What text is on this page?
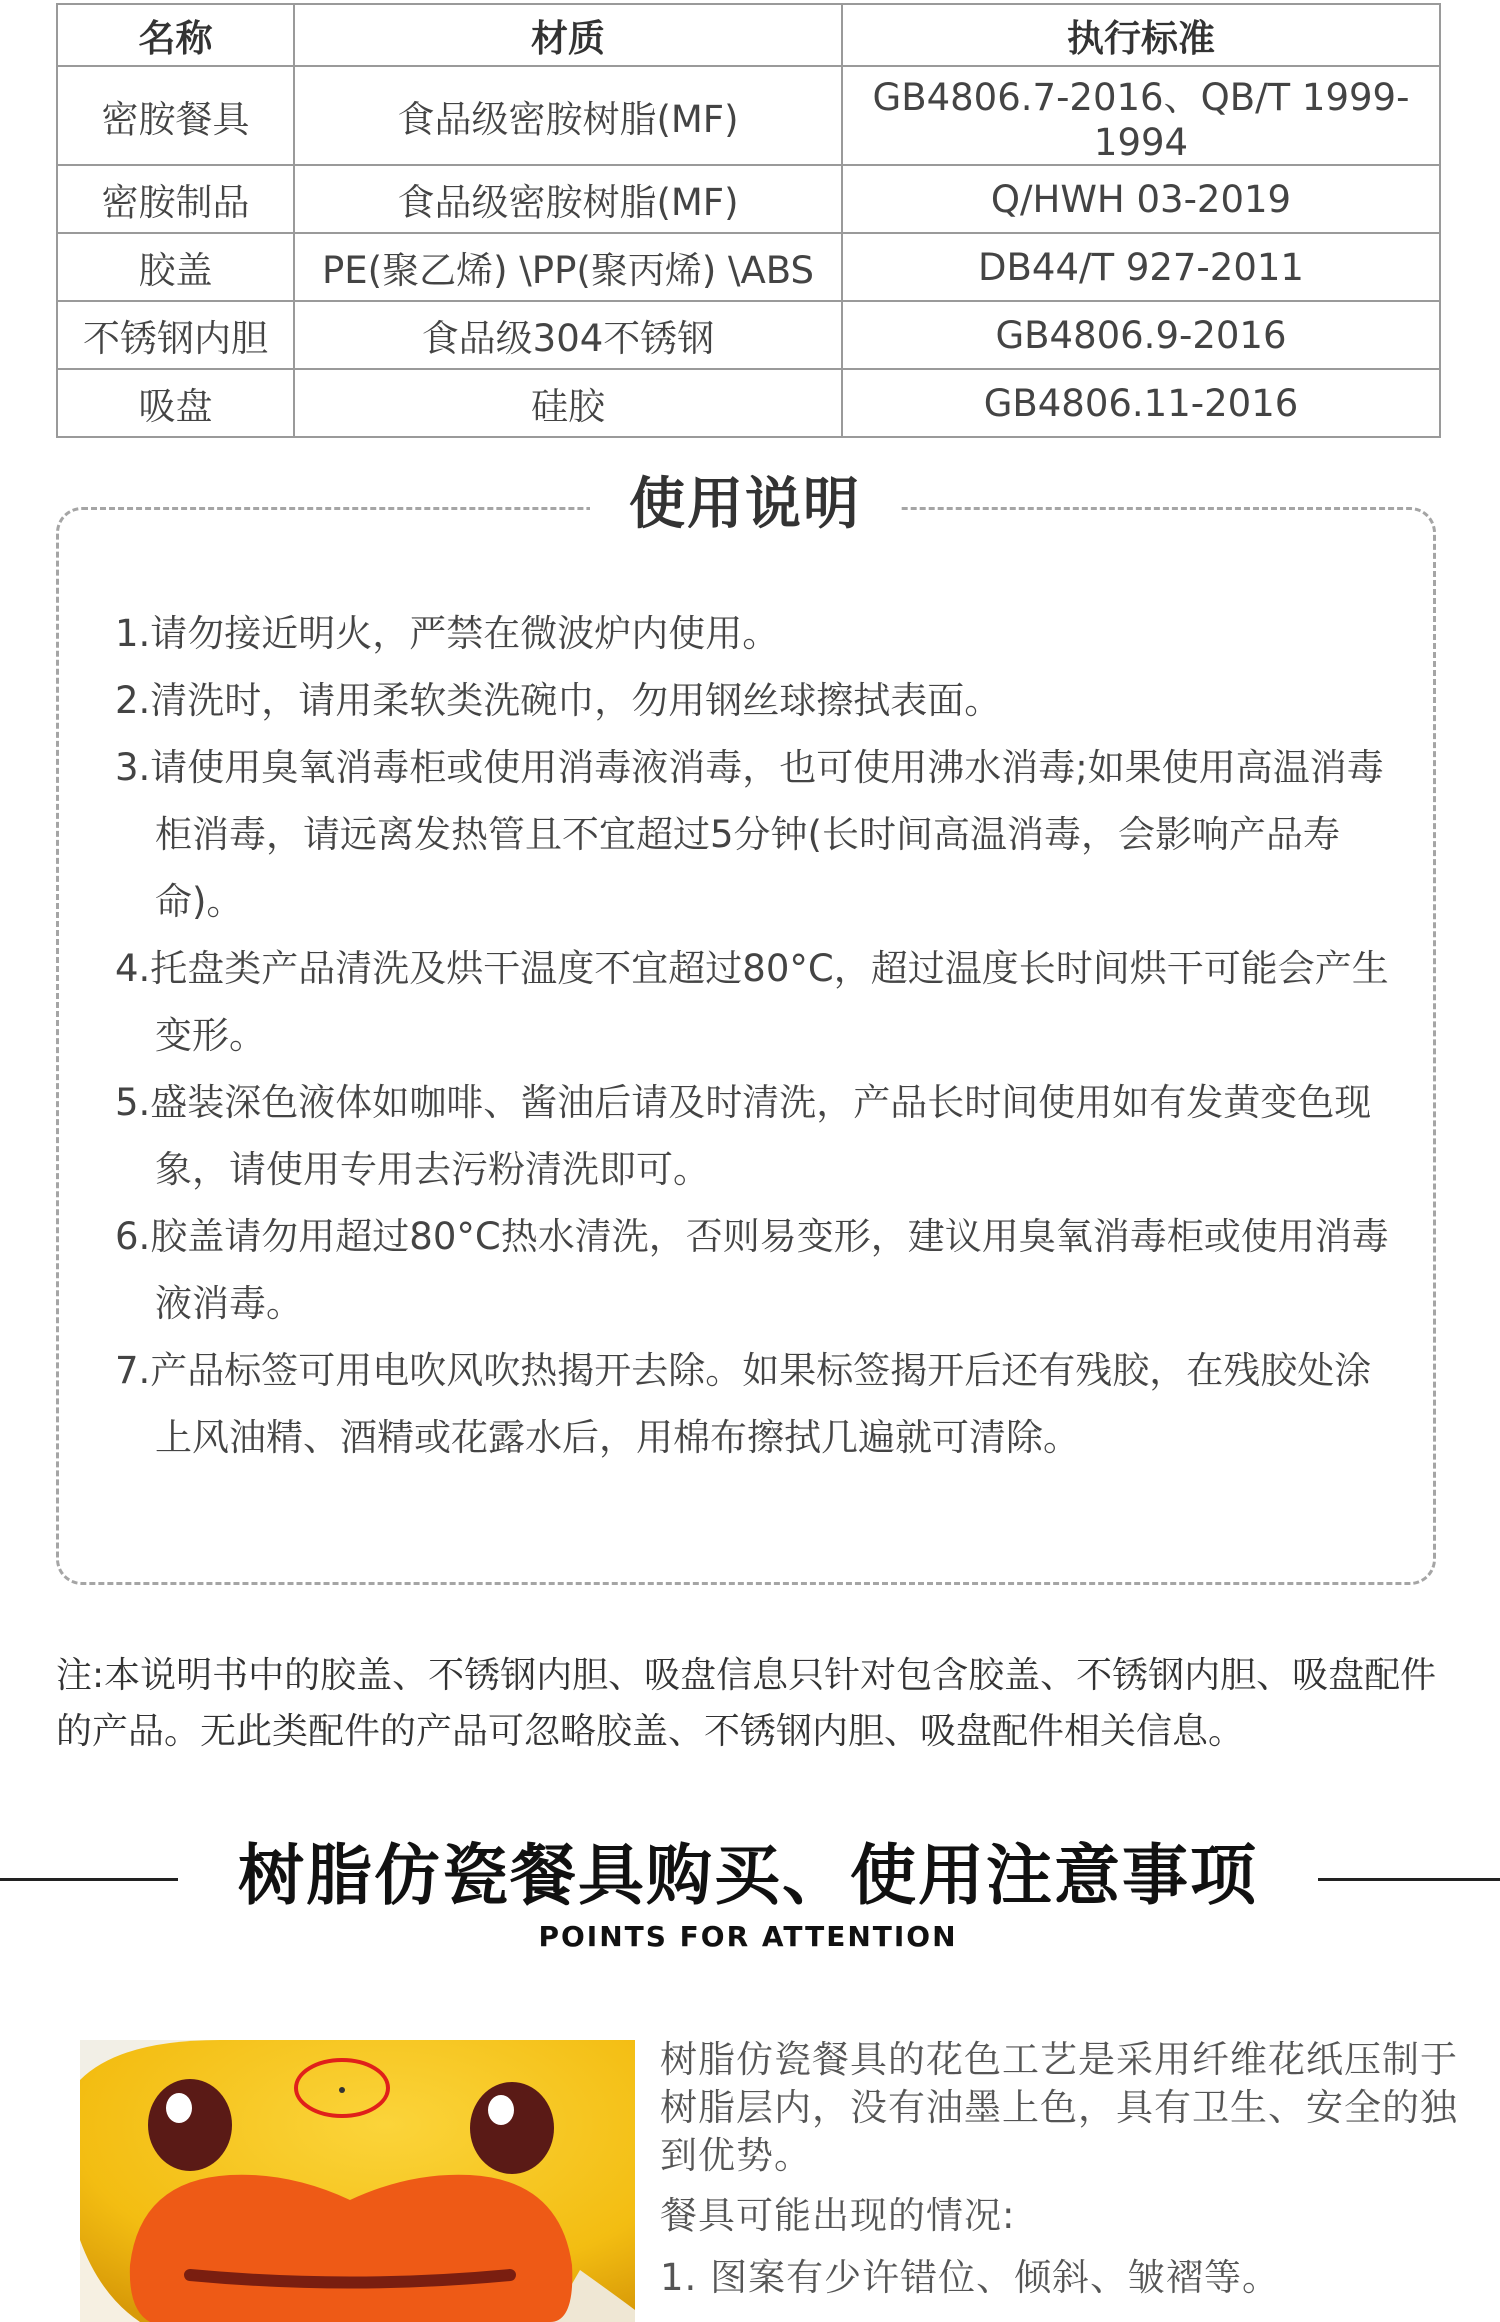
名称	材质	执行标准
密胺餐具	食品级密胺树脂(MF)	GB4806.7-2016、QB/T 1999-1994
密胺制品	食品级密胺树脂(MF)	Q/HWH 03-2019
胶盖	PE(聚乙烯) \PP(聚丙烯) \ABS	DB44/T 927-2011
不锈钢内胆	食品级304不锈钢	GB4806.9-2016
吸盘	硅胶	GB4806.11-2016
使用说明
1.请勿接近明火，严禁在微波炉内使用。
2.清洗时，请用柔软类洗碗巾，勿用钢丝球擦拭表面。
3.请使用臭氧消毒柜或使用消毒液消毒，也可使用沸水消毒;如果使用高温消毒柜消毒，请远离发热管且不宜超过5分钟(长时间高温消毒，会影响产品寿命)。
4.托盘类产品清洗及烘干温度不宜超过80°C，超过温度长时间烘干可能会产生变形。
5.盛装深色液体如咖啡、酱油后请及时清洗，产品长时间使用如有发黄变色现象，请使用专用去污粉清洗即可。
6.胶盖请勿用超过80°C热水清洗，否则易变形，建议用臭氧消毒柜或使用消毒液消毒。
7.产品标签可用电吹风吹热揭开去除。如果标签揭开后还有残胶，在残胶处涂上风油精、酒精或花露水后，用棉布擦拭几遍就可清除。

注:本说明书中的胶盖、不锈钢内胆、吸盘信息只针对包含胶盖、不锈钢内胆、吸盘配件的产品。无此类配件的产品可忽略胶盖、不锈钢内胆、吸盘配件相关信息。

树脂仿瓷餐具购买、使用注意事项
POINTS FOR ATTENTION

树脂仿瓷餐具的花色工艺是采用纤维花纸压制于树脂层内，没有油墨上色，具有卫生、安全的独到优势。

餐具可能出现的情况:

1. 图案有少许错位、倾斜、皱褶等。
